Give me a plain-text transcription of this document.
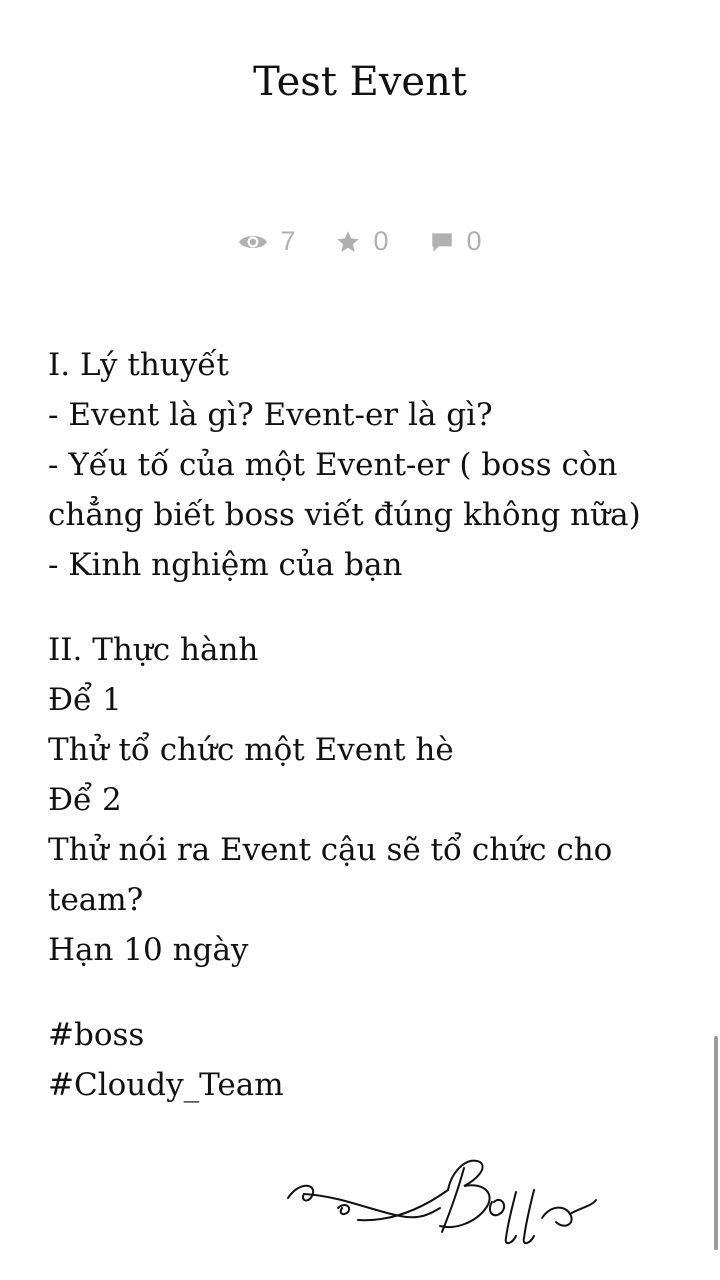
Test Event
7	0	0
I. Lý thuyết
- Event là gì? Event-er là gì?
- Yếu tố của một Event-er ( boss còn chẳng biết boss viết đúng không nữa)
- Kinh nghiệm của bạn
II. Thực hành
Để 1
Thử tổ chức một Event hè
Để 2
Thử nói ra Event cậu sẽ tổ chức cho team?
Hạn 10 ngày
#boss
#Cloudy_Team
